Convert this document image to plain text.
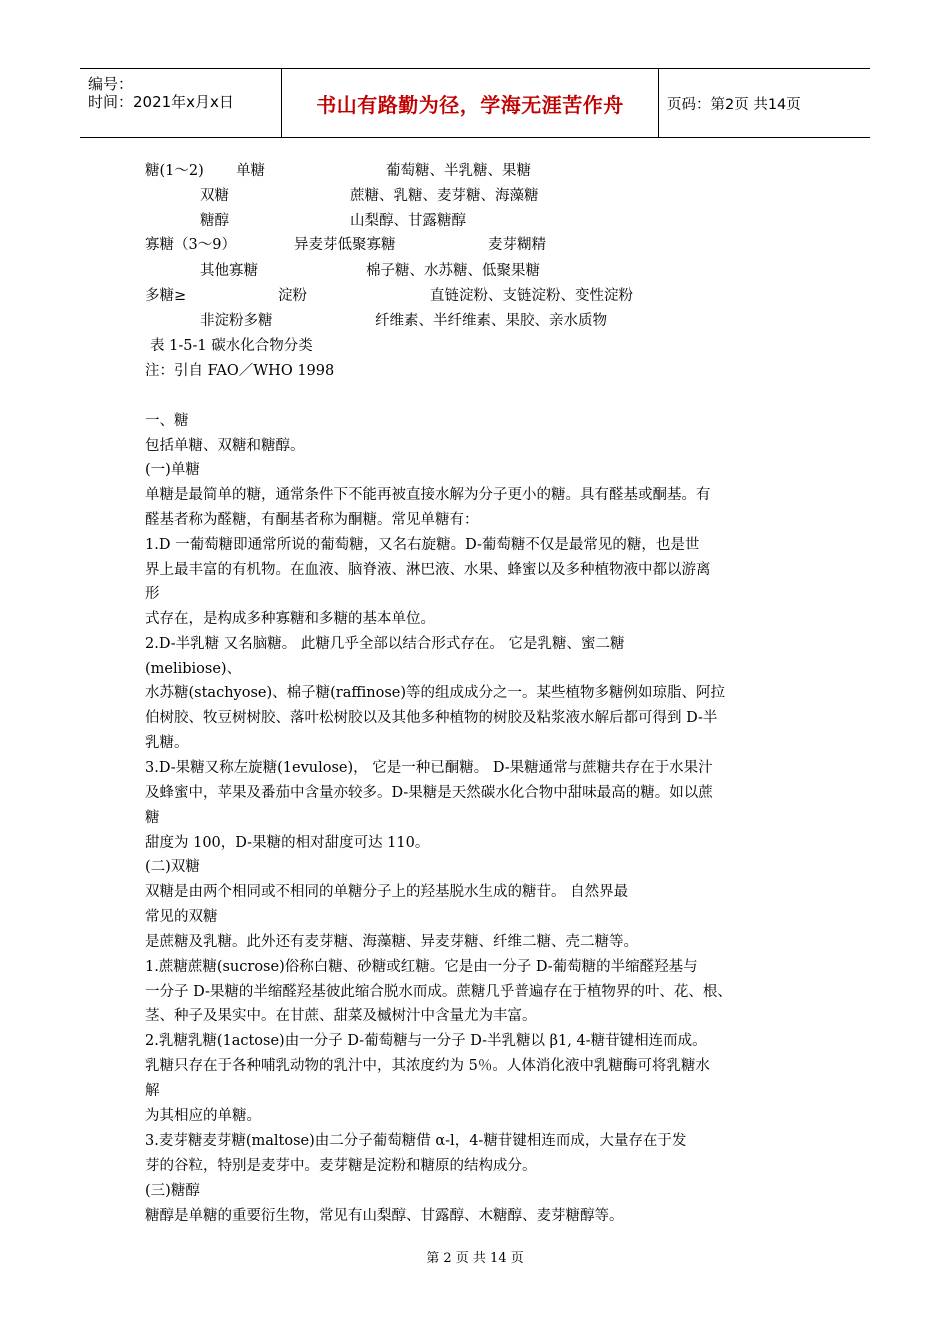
编号：
时间：2021年x月x日	书山有路勤为径，学海无涯苦作舟	页码：第2页 共14页
糖(1～2) 单糖	葡萄糖、半乳糖、果糖
双糖	蔗糖、乳糖、麦芽糖、海藻糖
糖醇	山梨醇、甘露糖醇
寡糖（3～9）	异麦芽低聚寡糖	麦芽糊精
其他寡糖	棉子糖、水苏糖、低聚果糖
多糖≥	淀粉	直链淀粉、支链淀粉、变性淀粉
非淀粉多糖	纤维素、半纤维素、果胶、亲水质物
表 1-5-1 碳水化合物分类
注：引自 FAO／WHO 1998
一、糖
包括单糖、双糖和糖醇。
(一)单糖
单糖是最简单的糖，通常条件下不能再被直接水解为分子更小的糖。具有醛基或酮基。有
醛基者称为醛糖，有酮基者称为酮糖。常见单糖有：
1.D 一葡萄糖即通常所说的葡萄糖，又名右旋糖。D-葡萄糖不仅是最常见的糖，也是世
界上最丰富的有机物。在血液、脑脊液、淋巴液、水果、蜂蜜以及多种植物液中都以游离
形
式存在，是构成多种寡糖和多糖的基本单位。
2.D-半乳糖 又名脑糖。 此糖几乎全部以结合形式存在。 它是乳糖、蜜二糖
(melibiose)、
水苏糖(stachyose)、棉子糖(raffinose)等的组成成分之一。某些植物多糖例如琼脂、阿拉
伯树胶、牧豆树树胶、落叶松树胶以及其他多种植物的树胶及粘浆液水解后都可得到 D-半
乳糖。
3.D-果糖又称左旋糖(1evulose)， 它是一种已酮糖。 D-果糖通常与蔗糖共存在于水果汁
及蜂蜜中，苹果及番茄中含量亦较多。D-果糖是天然碳水化合物中甜味最高的糖。如以蔗
糖
甜度为 100，D-果糖的相对甜度可达 110。
(二)双糖
双糖是由两个相同或不相同的单糖分子上的羟基脱水生成的糖苷。 自然界最
常见的双糖
是蔗糖及乳糖。此外还有麦芽糖、海藻糖、异麦芽糖、纤维二糖、壳二糖等。
1.蔗糖蔗糖(sucrose)俗称白糖、砂糖或红糖。它是由一分子 D-葡萄糖的半缩醛羟基与
一分子 D-果糖的半缩醛羟基彼此缩合脱水而成。蔗糖几乎普遍存在于植物界的叶、花、根、
茎、种子及果实中。在甘蔗、甜菜及槭树汁中含量尤为丰富。
2.乳糖乳糖(1actose)由一分子 D-葡萄糖与一分子 D-半乳糖以 β1, 4-糖苷键相连而成。
乳糖只存在于各种哺乳动物的乳汁中，其浓度约为 5％。人体消化液中乳糖酶可将乳糖水
解
为其相应的单糖。
3.麦芽糖麦芽糖(maltose)由二分子葡萄糖借 α-l，4-糖苷键相连而成，大量存在于发
芽的谷粒，特别是麦芽中。麦芽糖是淀粉和糖原的结构成分。
(三)糖醇
糖醇是单糖的重要衍生物，常见有山梨醇、甘露醇、木糖醇、麦芽糖醇等。
第 2 页 共 14 页
